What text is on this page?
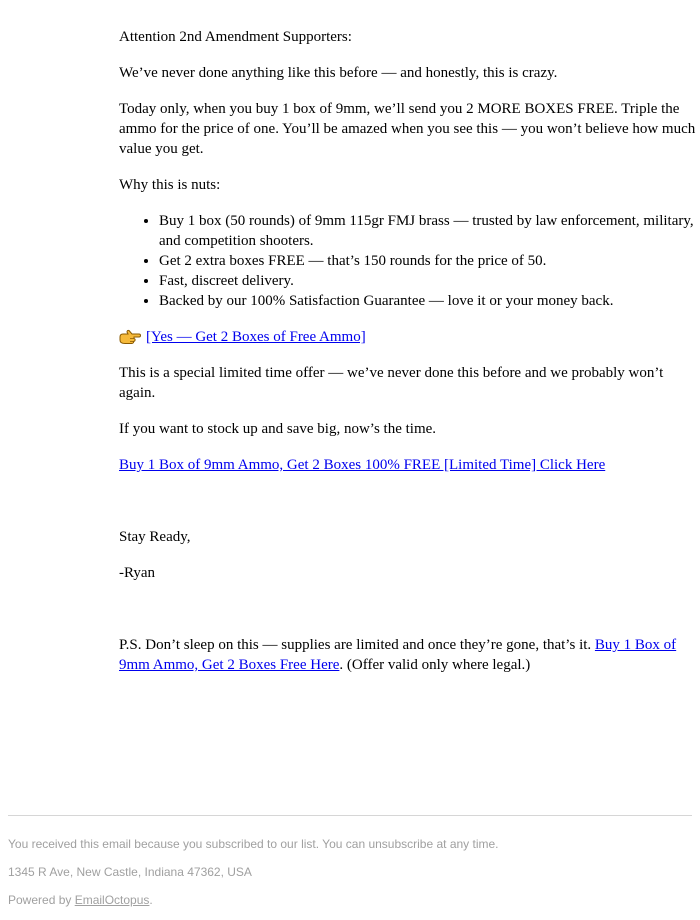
Attention 2nd Amendment Supporters:

We’ve never done anything like this before — and honestly, this is crazy.

Today only, when you buy 1 box of 9mm, we’ll send you 2 MORE BOXES FREE. Triple the ammo for the price of one. You’ll be amazed when you see this — you won’t believe how much value you get.

Why this is nuts:

• Buy 1 box (50 rounds) of 9mm 115gr FMJ brass — trusted by law enforcement, military, and competition shooters.
• Get 2 extra boxes FREE — that’s 150 rounds for the price of 50.
• Fast, discreet delivery.
• Backed by our 100% Satisfaction Guarantee — love it or your money back.

[Yes — Get 2 Boxes of Free Ammo]

This is a special limited time offer — we’ve never done this before and we probably won’t again.

If you want to stock up and save big, now’s the time.

Buy 1 Box of 9mm Ammo, Get 2 Boxes 100% FREE [Limited Time] Click Here

Stay Ready,

-Ryan

P.S. Don’t sleep on this — supplies are limited and once they’re gone, that’s it. Buy 1 Box of 9mm Ammo, Get 2 Boxes Free Here. (Offer valid only where legal.)

You received this email because you subscribed to our list. You can unsubscribe at any time.

1345 R Ave, New Castle, Indiana 47362, USA

Powered by EmailOctopus.
